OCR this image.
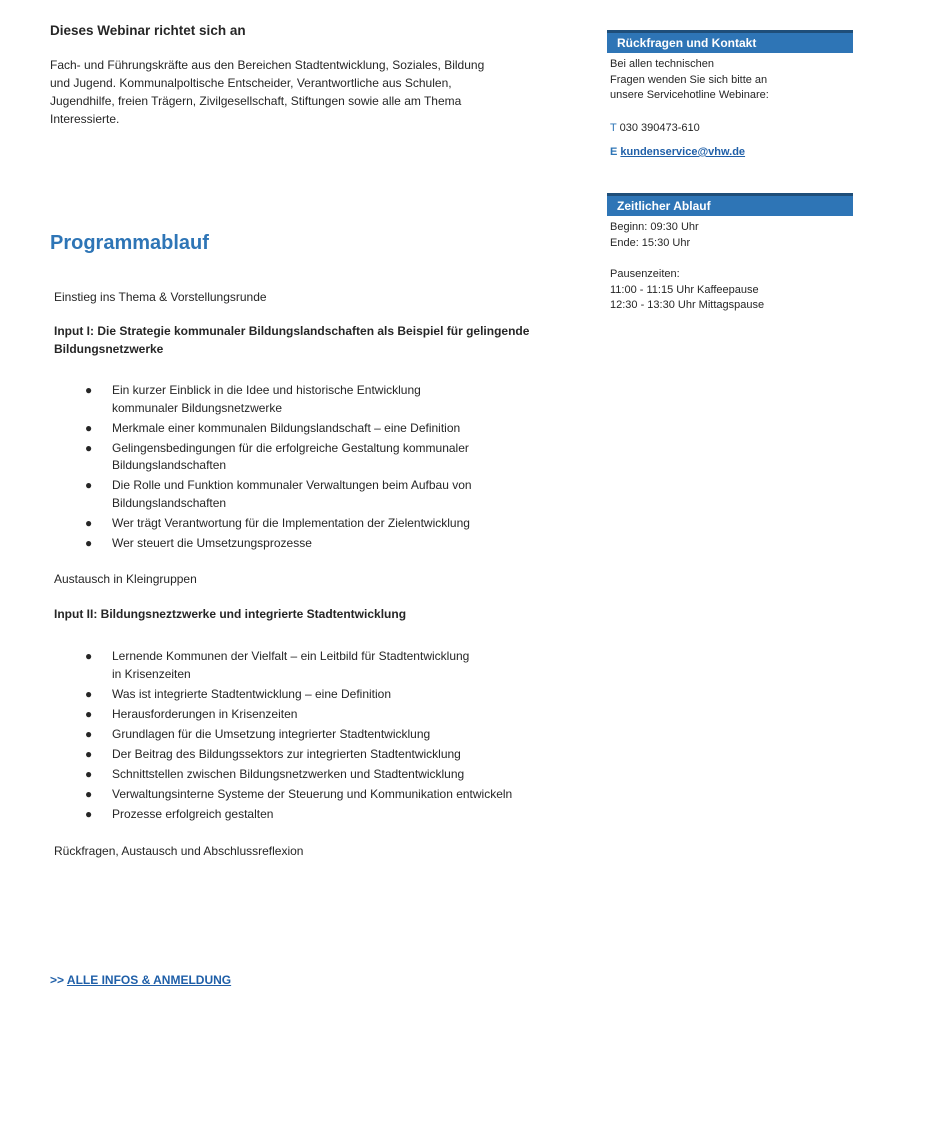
Dieses Webinar richtet sich an
Fach- und Führungskräfte aus den Bereichen Stadtentwicklung, Soziales, Bildung
und Jugend. Kommunalpoltische Entscheider, Verantwortliche aus Schulen,
Jugendhilfe, freien Trägern, Zivilgesellschaft, Stiftungen sowie alle am Thema
Interessierte.
Programmablauf

Einstieg ins Thema & Vorstellungsrunde

Input I: Die Strategie kommunaler Bildungslandschaften als Beispiel für gelingende
Bildungsnetzwerke

● Ein kurzer Einblick in die Idee und historische Entwicklung
kommunaler Bildungsnetzwerke
● Merkmale einer kommunalen Bildungslandschaft – eine Definition
● Gelingensbedingungen für die erfolgreiche Gestaltung kommunaler
Bildungslandschaften
● Die Rolle und Funktion kommunaler Verwaltungen beim Aufbau von
Bildungslandschaften
● Wer trägt Verantwortung für die Implementation der Zielentwicklung
● Wer steuert die Umsetzungsprozesse

Austausch in Kleingruppen

Input II: Bildungsneztzwerke und integrierte Stadtentwicklung

● Lernende Kommunen der Vielfalt – ein Leitbild für Stadtentwicklung
in Krisenzeiten
● Was ist integrierte Stadtentwicklung – eine Definition
● Herausforderungen in Krisenzeiten
● Grundlagen für die Umsetzung integrierter Stadtentwicklung
● Der Beitrag des Bildungssektors zur integrierten Stadtentwicklung
● Schnittstellen zwischen Bildungsnetzwerken und Stadtentwicklung
● Verwaltungsinterne Systeme der Steuerung und Kommunikation entwickeln
● Prozesse erfolgreich gestalten

Rückfragen, Austausch und Abschlussreflexion

>> ALLE INFOS & ANMELDUNG
Rückfragen und Kontakt

Bei allen technischen

Fragen wenden Sie sich bitte an

unsere Servicehotline Webinare:

T 030 390473-610

E kundenservice@vhw.de

Zeitlicher Ablauf

Beginn: 09:30 Uhr

Ende: 15:30 Uhr

Pausenzeiten:

11:00 - 11:15 Uhr Kaffeepause

12:30 - 13:30 Uhr Mittagspause
